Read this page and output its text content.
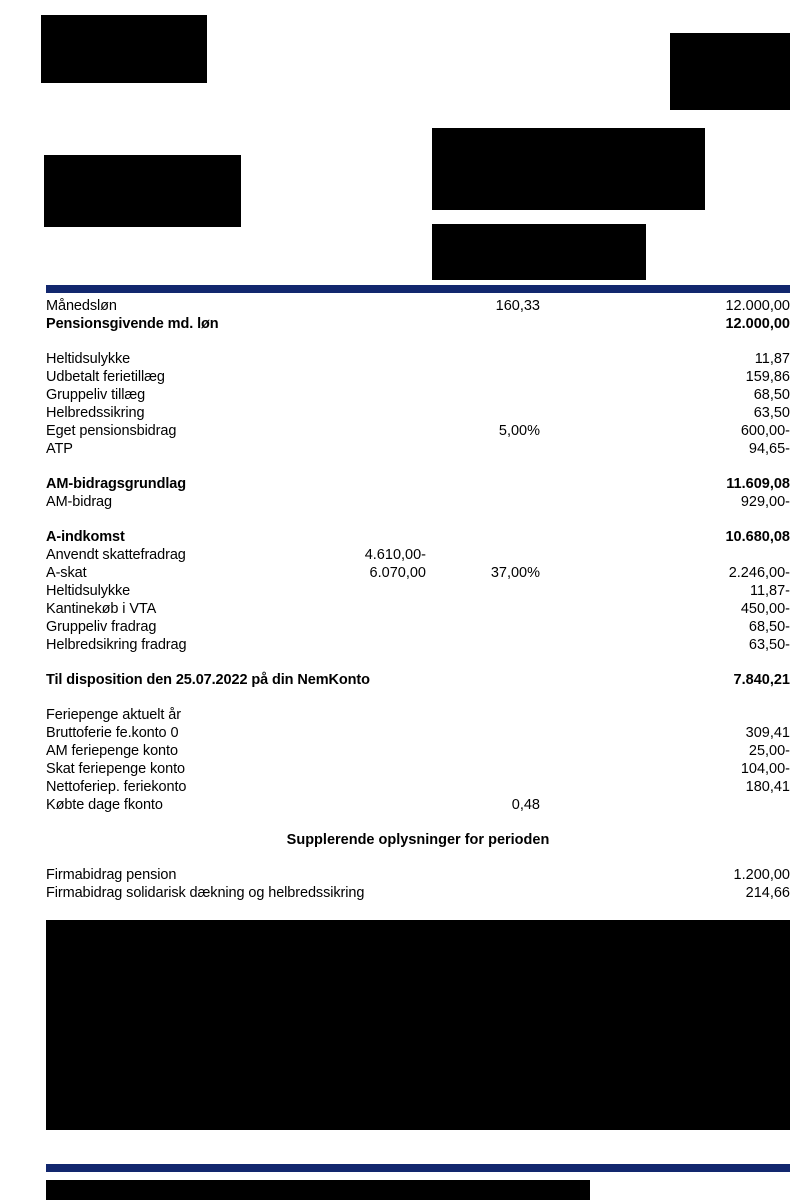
Månedsløn	160,33	12.000,00
Pensionsgivende md. løn	12.000,00
Heltidsulykke	11,87
Udbetalt ferietillæg	159,86
Gruppeliv tillæg	68,50
Helbredssikring	63,50
Eget pensionsbidrag	5,00%	600,00-
ATP	94,65-
AM-bidragsgrundlag	11.609,08
AM-bidrag	929,00-
A-indkomst	10.680,08
Anvendt skattefradrag	4.610,00-
A-skat	6.070,00	37,00%	2.246,00-
Heltidsulykke	11,87-
Kantinekøb i VTA	450,00-
Gruppeliv fradrag	68,50-
Helbredsikring fradrag	63,50-
Til disposition den 25.07.2022 på din NemKonto	7.840,21
Feriepenge aktuelt år
Bruttoferie fe.konto 0	309,41
AM feriepenge konto	25,00-
Skat feriepenge konto	104,00-
Nettoferiep. feriekonto	180,41
Købte dage fkonto	0,48
Supplerende oplysninger for perioden
Firmabidrag pension	1.200,00
Firmabidrag solidarisk dækning og helbredssikring	214,66
